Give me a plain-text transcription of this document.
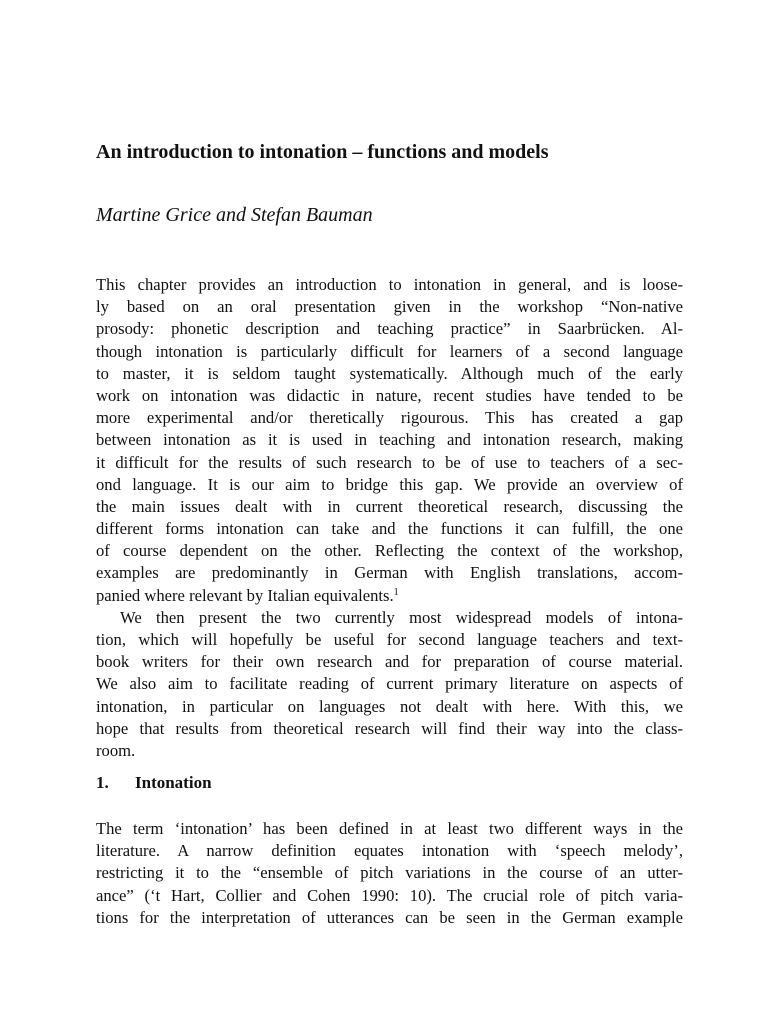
An introduction to intonation – functions and models
Martine Grice and Stefan Bauman
This chapter provides an introduction to intonation in general, and is loose-
ly based on an oral presentation given in the workshop “Non-native
prosody: phonetic description and teaching practice” in Saarbrücken. Al-
though intonation is particularly difficult for learners of a second language
to master, it is seldom taught systematically. Although much of the early
work on intonation was didactic in nature, recent studies have tended to be
more experimental and/or theretically rigourous. This has created a gap
between intonation as it is used in teaching and intonation research, making
it difficult for the results of such research to be of use to teachers of a sec-
ond language. It is our aim to bridge this gap. We provide an overview of
the main issues dealt with in current theoretical research, discussing the
different forms intonation can take and the functions it can fulfill, the one
of course dependent on the other. Reflecting the context of the workshop,
examples are predominantly in German with English translations, accom-
panied where relevant by Italian equivalents.$^1$
We then present the two currently most widespread models of intona-
tion, which will hopefully be useful for second language teachers and text-
book writers for their own research and for preparation of course material.
We also aim to facilitate reading of current primary literature on aspects of
intonation, in particular on languages not dealt with here. With this, we
hope that results from theoretical research will find their way into the class-
room.
1. Intonation
The term ‘intonation’ has been defined in at least two different ways in the
literature. A narrow definition equates intonation with ‘speech melody’,
restricting it to the “ensemble of pitch variations in the course of an utter-
ance” (‘t Hart, Collier and Cohen 1990: 10). The crucial role of pitch varia-
tions for the interpretation of utterances can be seen in the German example
